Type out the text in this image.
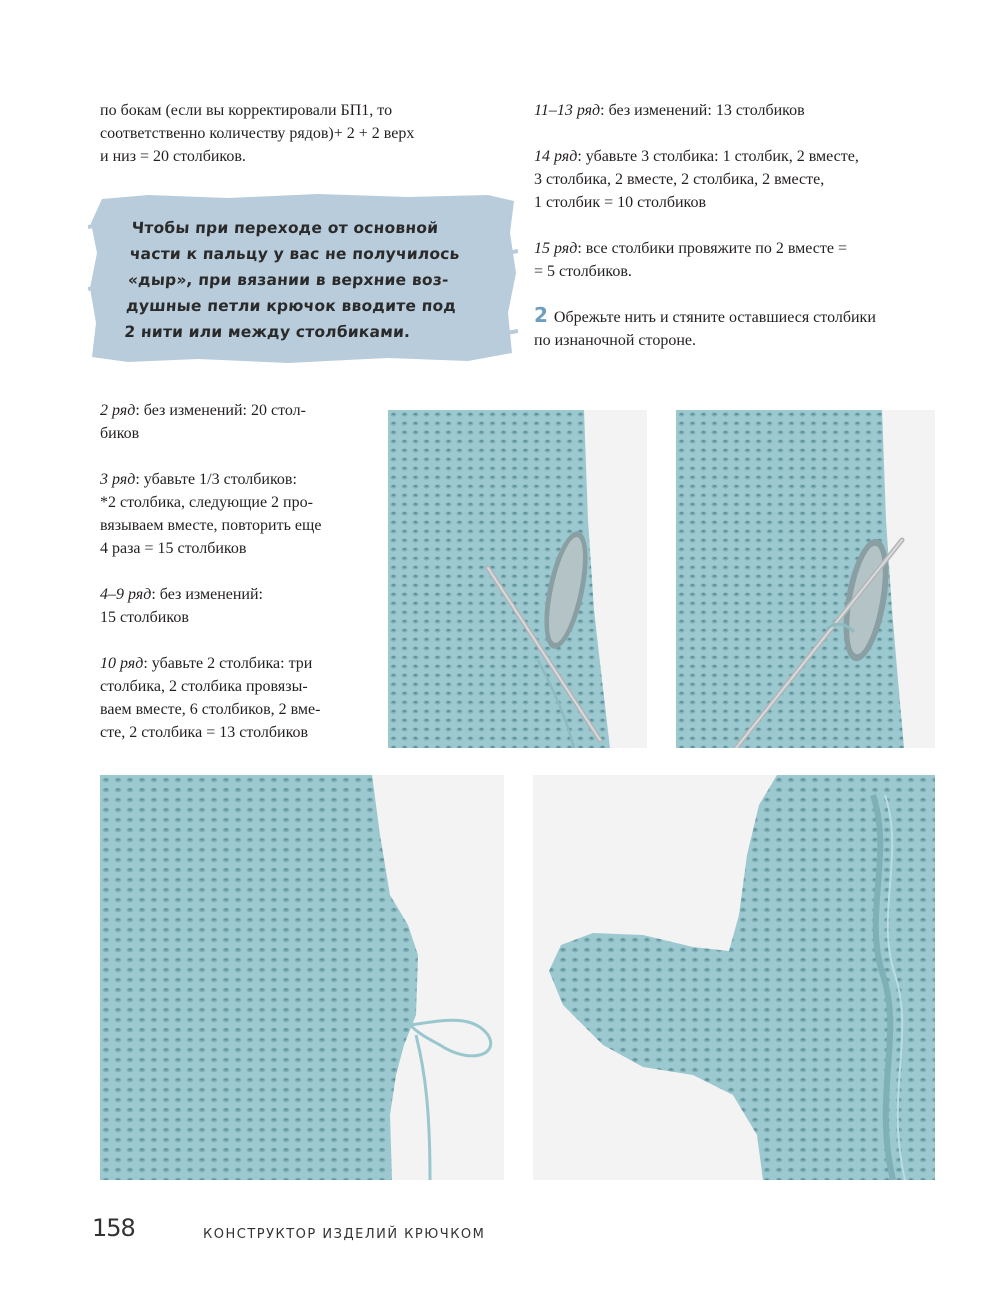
по бокам (если вы корректировали БП1, то

соответственно количеству рядов)+ 2 + 2 верх

и низ = 20 столбиков.

Чтобы при переходе от основной
части к пальцу у вас не получилось
«дыр», при вязании в верхние воз-
душные петли крючок вводите под
2 нити или между столбиками.

11–13 ряд: без изменений: 13 столбиков

14 ряд: убавьте 3 столбика: 1 столбик, 2 вместе,

3 столбика, 2 вместе, 2 столбика, 2 вместе,

1 столбик = 10 столбиков

15 ряд: все столбики провяжите по 2 вместе =

= 5 столбиков.

2 Обрежьте нить и стяните оставшиеся столбики

по изнаночной стороне.

2 ряд: без изменений: 20 стол-

биков

3 ряд: убавьте 1/3 столбиков:

*2 столбика, следующие 2 про-

вязываем вместе, повторить еще

4 раза = 15 столбиков

4–9 ряд: без изменений:

15 столбиков

10 ряд: убавьте 2 столбика: три

столбика, 2 столбика провязы-

ваем вместе, 6 столбиков, 2 вме-

сте, 2 столбика = 13 столбиков

158	КОНСТРУКТОР ИЗДЕЛИЙ КРЮЧКОМ
